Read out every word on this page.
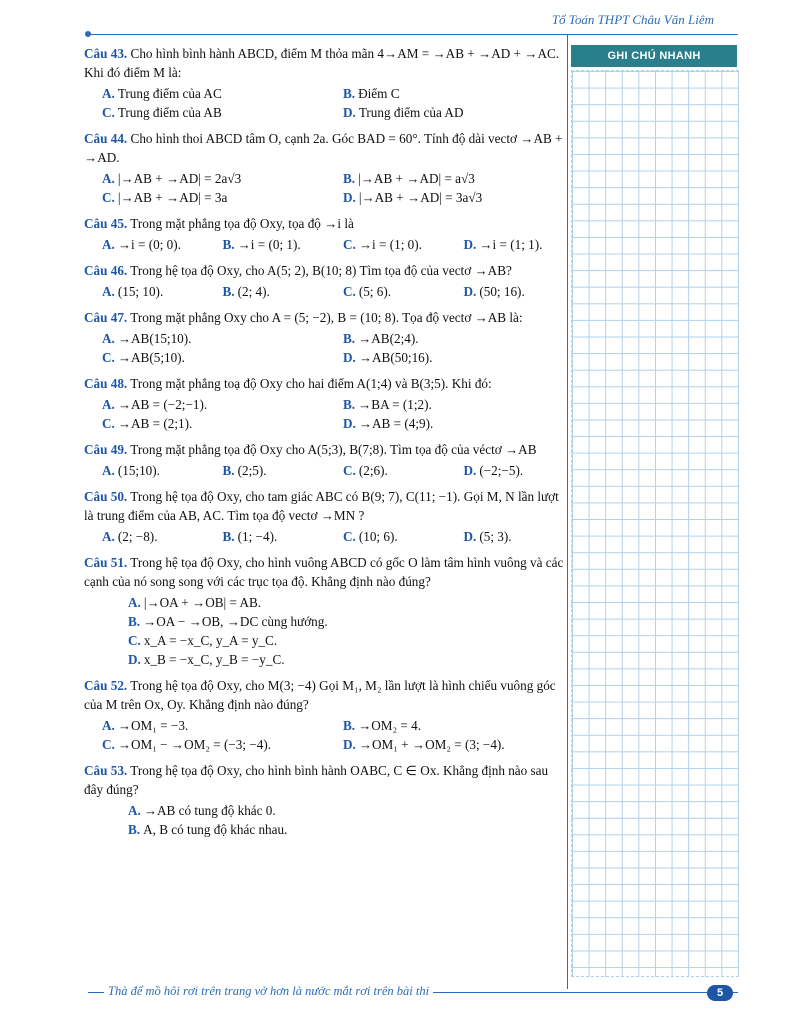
Tổ Toán THPT Châu Văn Liêm
GHI CHÚ NHANH

Câu 43. Cho hình bình hành ABCD, điểm M thỏa mãn 4→AM = →AB + →AD + →AC. Khi đó điểm M là:

A. Trung điểm của AC	B. Điểm C
C. Trung điểm của AB	D. Trung điểm của AD

Câu 44. Cho hình thoi ABCD tâm O, cạnh 2a. Góc BAD = 60°. Tính độ dài vectơ →AB + →AD.

A. |→AB + →AD| = 2a√3	B. |→AB + →AD| = a√3
C. |→AB + →AD| = 3a	D. |→AB + →AD| = 3a√3

Câu 45. Trong mặt phẳng tọa độ Oxy, tọa độ →i là

A. →i = (0; 0).	B. →i = (0; 1).	C. →i = (1; 0).	D. →i = (1; 1).

Câu 46. Trong hệ tọa độ Oxy, cho A(5; 2), B(10; 8) Tìm tọa độ của vectơ →AB?

A. (15; 10).	B. (2; 4).	C. (5; 6).	D. (50; 16).

Câu 47. Trong mặt phẳng Oxy cho A = (5; −2), B = (10; 8). Tọa độ vectơ →AB là:

A. →AB(15;10).	B. →AB(2;4).
C. →AB(5;10).	D. →AB(50;16).

Câu 48. Trong mặt phẳng toạ độ Oxy cho hai điểm A(1;4) và B(3;5). Khi đó:

A. →AB = (−2;−1).	B. →BA = (1;2).
C. →AB = (2;1).	D. →AB = (4;9).

Câu 49. Trong mặt phẳng tọa độ Oxy cho A(5;3), B(7;8). Tìm tọa độ của véctơ →AB

A. (15;10).	B. (2;5).	C. (2;6).	D. (−2;−5).

Câu 50. Trong hệ tọa độ Oxy, cho tam giác ABC có B(9; 7), C(11; −1). Gọi M, N lần lượt là trung điểm của AB, AC. Tìm tọa độ vectơ →MN ?

A. (2; −8).	B. (1; −4).	C. (10; 6).	D. (5; 3).

Câu 51. Trong hệ tọa độ Oxy, cho hình vuông ABCD có gốc O làm tâm hình vuông và các cạnh của nó song song với các trục tọa độ. Khẳng định nào đúng?

A. |→OA + →OB| = AB.
B. →OA − →OB, →DC cùng hướng.
C. x_A = −x_C, y_A = y_C.
D. x_B = −x_C, y_B = −y_C.

Câu 52. Trong hệ tọa độ Oxy, cho M(3; −4) Gọi M₁, M₂ lần lượt là hình chiếu vuông góc của M trên Ox, Oy. Khẳng định nào đúng?

A. →OM₁ = −3.	B. →OM₂ = 4.
C. →OM₁ − →OM₂ = (−3; −4).	D. →OM₁ + →OM₂ = (3; −4).

Câu 53. Trong hệ tọa độ Oxy, cho hình bình hành OABC, C ∈ Ox. Khẳng định nào sau đây đúng?

A. →AB có tung độ khác 0.
B. A, B có tung độ khác nhau.
Thà để mồ hôi rơi trên trang vở hơn là nước mắt rơi trên bài thi	5
